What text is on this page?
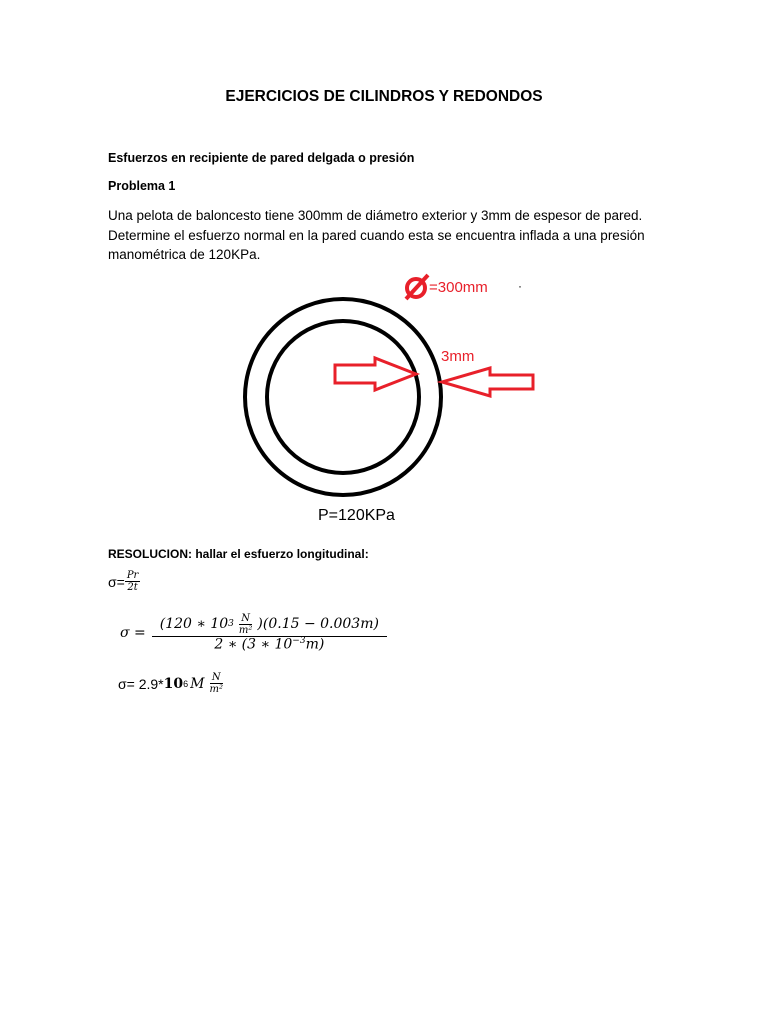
EJERCICIOS DE CILINDROS Y REDONDOS
Esfuerzos en recipiente de pared delgada o presión
Problema 1
Una pelota de baloncesto tiene 300mm de diámetro exterior y 3mm de espesor de pared. Determine el esfuerzo normal en la pared cuando esta se encuentra inflada a una presión manométrica de 120KPa.
=300mm	·
3mm
P=120KPa
RESOLUCION: hallar el esfuerzo longitudinal:
$\sigma= \frac{Pr}{2t}$
σ =
(120 ∗ 10 $3 \frac{N}{\text{m²}} )(0.15 - 0.003m)$
2 ∗ (3 ∗ $10^{-3}m$)
σ= 2.9* 10 6 M $\frac{N}{\text{m²}}$
